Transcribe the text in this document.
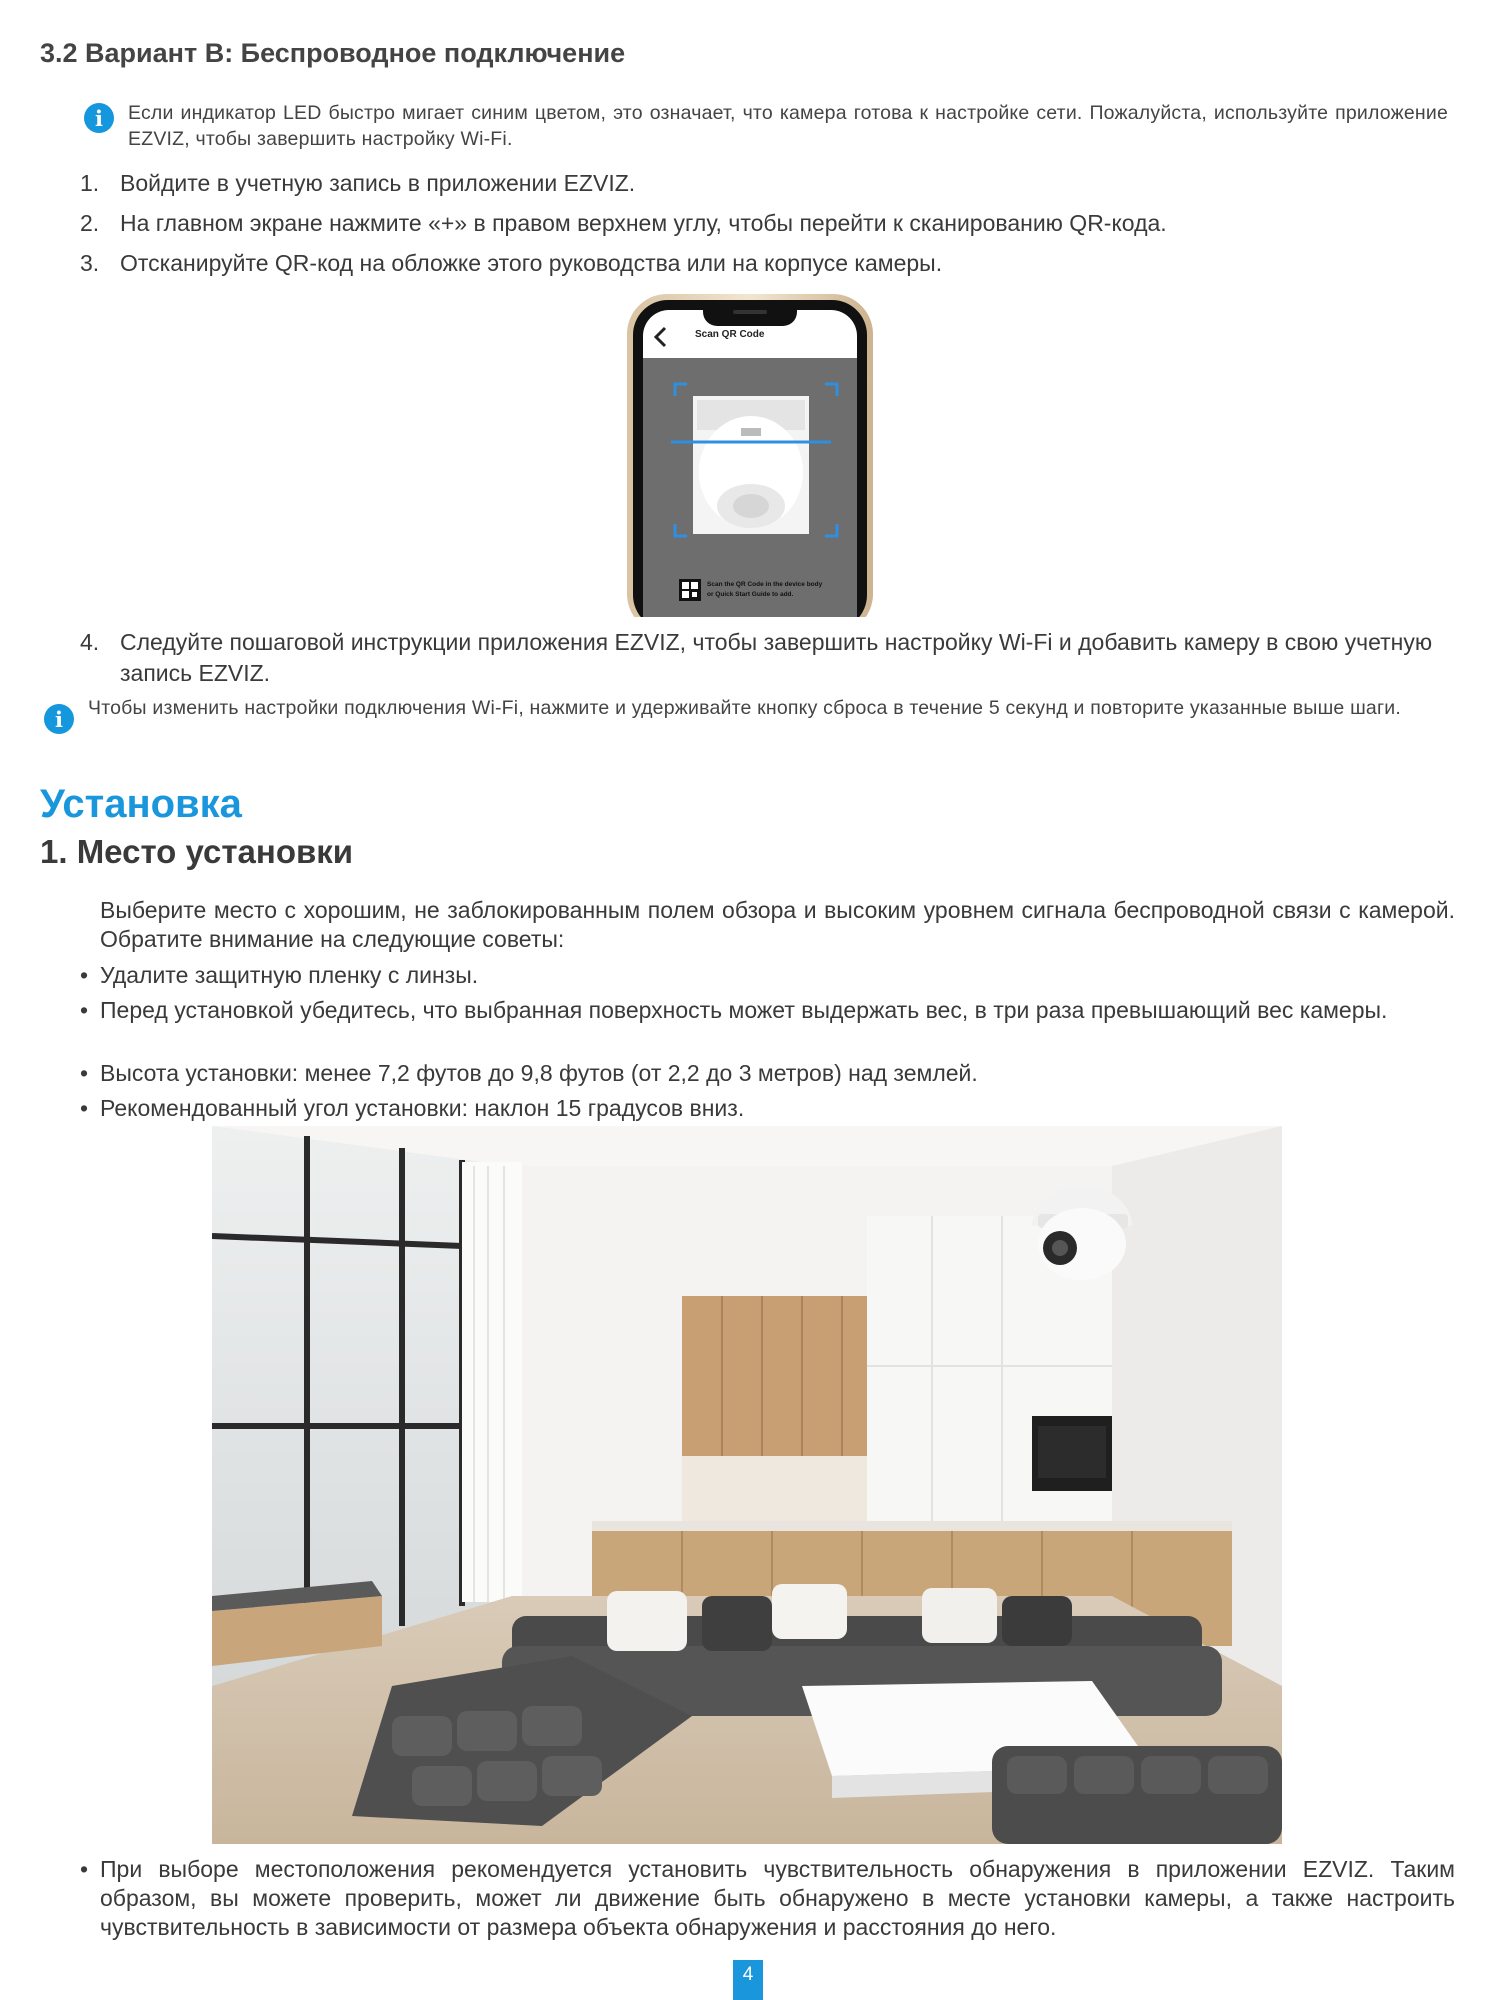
3.2 Вариант B: Беспроводное подключение
i	Если индикатор LED быстро мигает синим цветом, это означает, что камера готова к настройке сети. Пожалуйста, используйте приложение EZVIZ, чтобы завершить настройку Wi-Fi.
1. Войдите в учетную запись в приложении EZVIZ.
2. На главном экране нажмите «+» в правом верхнем углу, чтобы перейти к сканированию QR-кода.
3. Отсканируйте QR-код на обложке этого руководства или на корпусе камеры.
Scan QR Code
Scan the QR Code in the device body
or Quick Start Guide to add.
4. Следуйте пошаговой инструкции приложения EZVIZ, чтобы завершить настройку Wi-Fi и добавить камеру в свою учетную запись EZVIZ.
i	Чтобы изменить настройки подключения Wi-Fi, нажмите и удерживайте кнопку сброса в течение 5 секунд и повторите указанные выше шаги.
Установка
1. Место установки
Выберите место с хорошим, не заблокированным полем обзора и высоким уровнем сигнала беспроводной связи с камерой. Обратите внимание на следующие советы:
• Удалите защитную пленку с линзы.
• Перед установкой убедитесь, что выбранная поверхность может выдержать вес, в три раза превышающий вес камеры.
• Высота установки: менее 7,2 футов до 9,8 футов (от 2,2 до 3 метров) над землей.
• Рекомендованный угол установки: наклон 15 градусов вниз.
• При выборе местоположения рекомендуется установить чувствительность обнаружения в приложении EZVIZ. Таким образом, вы можете проверить, может ли движение быть обнаружено в месте установки камеры, а также настроить чувствительность в зависимости от размера объекта обнаружения и расстояния до него.
4
